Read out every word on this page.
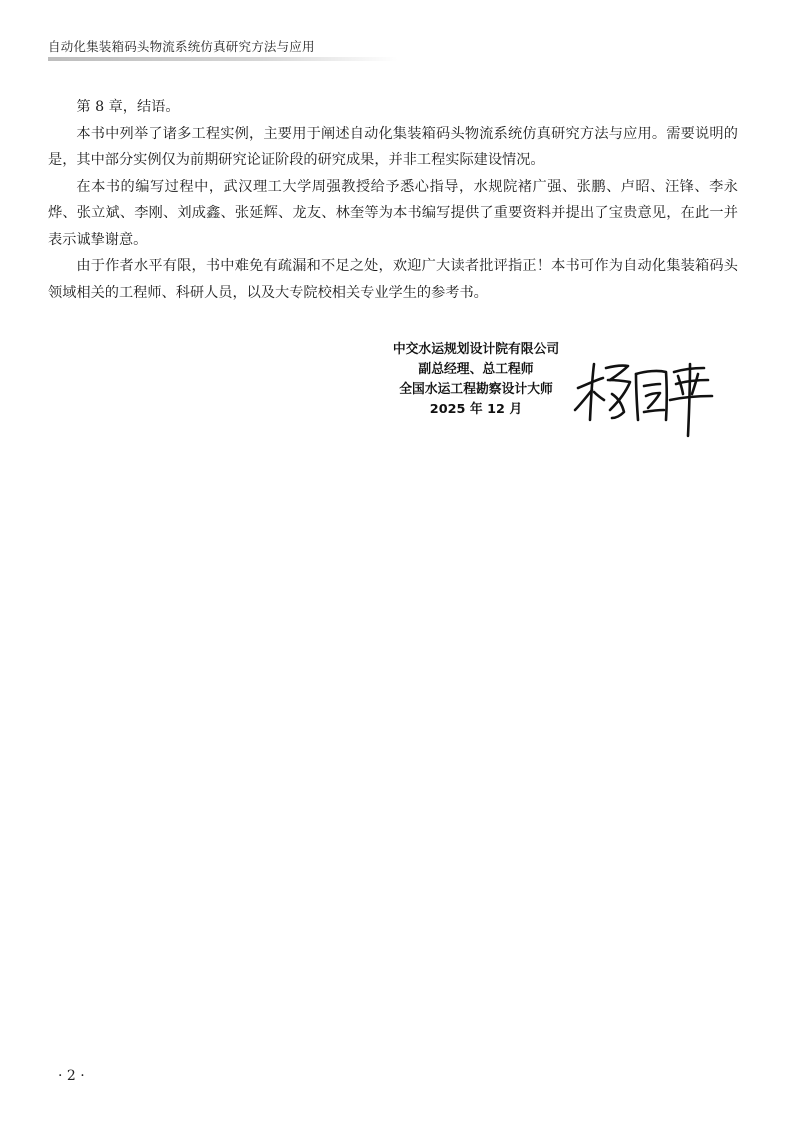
自动化集装箱码头物流系统仿真研究方法与应用

第 8 章，结语。

本书中列举了诸多工程实例，主要用于阐述自动化集装箱码头物流系统仿真研究方法与应用。需要说明的是，其中部分实例仅为前期研究论证阶段的研究成果，并非工程实际建设情况。

在本书的编写过程中，武汉理工大学周强教授给予悉心指导，水规院褚广强、张鹏、卢昭、汪锋、李永烨、张立斌、李刚、刘成鑫、张延辉、龙友、林奎等为本书编写提供了重要资料并提出了宝贵意见，在此一并表示诚挚谢意。

由于作者水平有限，书中难免有疏漏和不足之处，欢迎广大读者批评指正！本书可作为自动化集装箱码头领域相关的工程师、科研人员，以及大专院校相关专业学生的参考书。

中交水运规划设计院有限公司
副总经理、总工程师
全国水运工程勘察设计大师
2025 年 12 月
· 2 ·
